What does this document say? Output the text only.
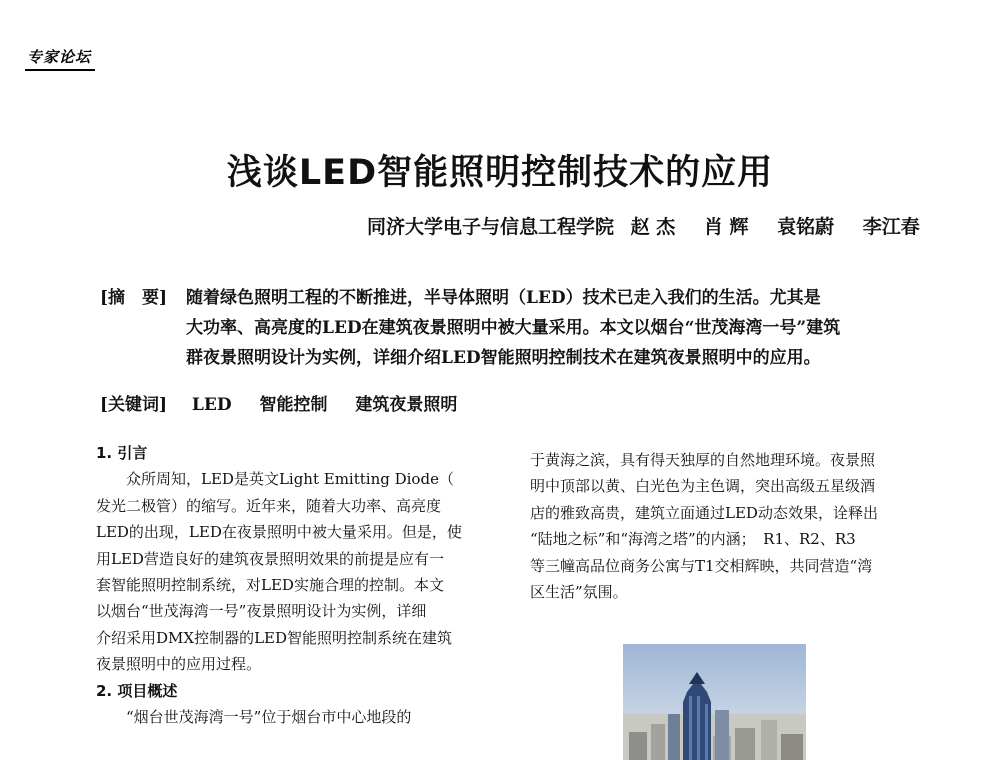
专家论坛
浅谈LED智能照明控制技术的应用
同济大学电子与信息工程学院 赵 杰 肖 辉 袁铭蔚 李江春
[摘　要] 随着绿色照明工程的不断推进，半导体照明（LED）技术已走入我们的生活。尤其是
大功率、高亮度的LED在建筑夜景照明中被大量采用。本文以烟台“世茂海湾一号”建筑
群夜景照明设计为实例，详细介绍LED智能照明控制技术在建筑夜景照明中的应用。
[关键词] LED 智能控制 建筑夜景照明
1. 引言
众所周知，LED是英文Light Emitting Diode（
发光二极管）的缩写。近年来，随着大功率、高亮度
LED的出现，LED在夜景照明中被大量采用。但是，使
用LED营造良好的建筑夜景照明效果的前提是应有一
套智能照明控制系统，对LED实施合理的控制。本文
以烟台“世茂海湾一号”夜景照明设计为实例，详细
介绍采用DMX控制器的LED智能照明控制系统在建筑
夜景照明中的应用过程。
2. 项目概述
“烟台世茂海湾一号”位于烟台市中心地段的
于黄海之滨，具有得天独厚的自然地理环境。夜景照
明中顶部以黄、白光色为主色调，突出高级五星级酒
店的雅致高贵，建筑立面通过LED动态效果，诠释出
“陆地之标”和“海湾之塔”的内涵；　R1、R2、R3
等三幢高品位商务公寓与T1交相辉映，共同营造“湾
区生活”氛围。
